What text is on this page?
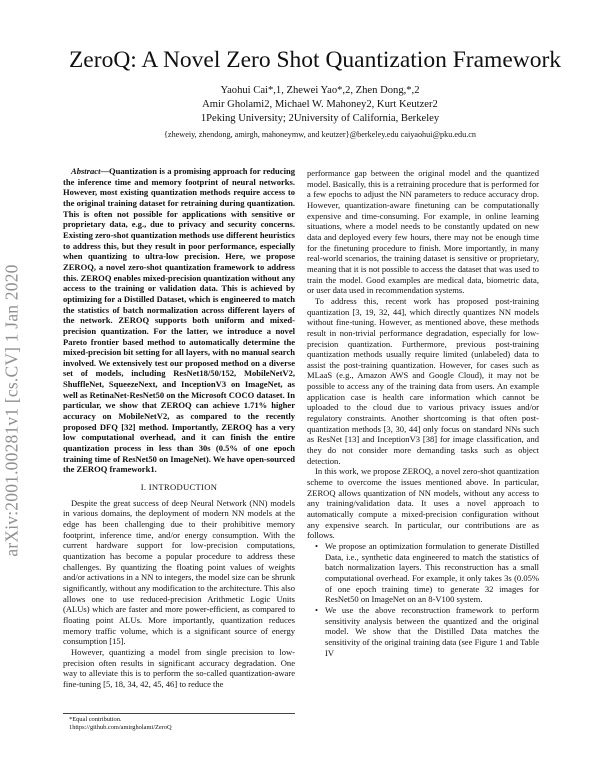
arXiv:2001.00281v1 [cs.CV] 1 Jan 2020
ZeroQ: A Novel Zero Shot Quantization Framework
Yaohui Cai*,1, Zhewei Yao*,2, Zhen Dong,*,2
Amir Gholami2, Michael W. Mahoney2, Kurt Keutzer2
1Peking University; 2University of California, Berkeley
{zheweiy, zhendong, amirgh, mahoneymw, and keutzer}@berkeley.edu caiyaohui@pku.edu.cn

Abstract—Quantization is a promising approach for reducing the inference time and memory footprint of neural networks. However, most existing quantization methods require access to the original training dataset for retraining during quantization. This is often not possible for applications with sensitive or proprietary data, e.g., due to privacy and security concerns. Existing zero-shot quantization methods use different heuristics to address this, but they result in poor performance, especially when quantizing to ultra-low precision. Here, we propose ZEROQ, a novel zero-shot quantization framework to address this. ZEROQ enables mixed-precision quantization without any access to the training or validation data. This is achieved by optimizing for a Distilled Dataset, which is engineered to match the statistics of batch normalization across different layers of the network. ZEROQ supports both uniform and mixed-precision quantization. For the latter, we introduce a novel Pareto frontier based method to automatically determine the mixed-precision bit setting for all layers, with no manual search involved. We extensively test our proposed method on a diverse set of models, including ResNet18/50/152, MobileNetV2, ShuffleNet, SqueezeNext, and InceptionV3 on ImageNet, as well as RetinaNet-ResNet50 on the Microsoft COCO dataset. In particular, we show that ZEROQ can achieve 1.71% higher accuracy on MobileNetV2, as compared to the recently proposed DFQ [32] method. Importantly, ZEROQ has a very low computational overhead, and it can finish the entire quantization process in less than 30s (0.5% of one epoch training time of ResNet50 on ImageNet). We have open-sourced the ZEROQ framework1.

I. INTRODUCTION

Despite the great success of deep Neural Network (NN) models in various domains, the deployment of modern NN models at the edge has been challenging due to their prohibitive memory footprint, inference time, and/or energy consumption. With the current hardware support for low-precision computations, quantization has become a popular procedure to address these challenges. By quantizing the floating point values of weights and/or activations in a NN to integers, the model size can be shrunk significantly, without any modification to the architecture. This also allows one to use reduced-precision Arithmetic Logic Units (ALUs) which are faster and more power-efficient, as compared to floating point ALUs. More importantly, quantization reduces memory traffic volume, which is a significant source of energy consumption [15].

However, quantizing a model from single precision to low-precision often results in significant accuracy degradation. One way to alleviate this is to perform the so-called quantization-aware fine-tuning [5, 18, 34, 42, 45, 46] to reduce the

*Equal contribution.
1https://github.com/amirgholami/ZeroQ

performance gap between the original model and the quantized model. Basically, this is a retraining procedure that is performed for a few epochs to adjust the NN parameters to reduce accuracy drop. However, quantization-aware finetuning can be computationally expensive and time-consuming. For example, in online learning situations, where a model needs to be constantly updated on new data and deployed every few hours, there may not be enough time for the finetuning procedure to finish. More importantly, in many real-world scenarios, the training dataset is sensitive or proprietary, meaning that it is not possible to access the dataset that was used to train the model. Good examples are medical data, biometric data, or user data used in recommendation systems.

To address this, recent work has proposed post-training quantization [3, 19, 32, 44], which directly quantizes NN models without fine-tuning. However, as mentioned above, these methods result in non-trivial performance degradation, especially for low-precision quantization. Furthermore, previous post-training quantization methods usually require limited (unlabeled) data to assist the post-training quantization. However, for cases such as MLaaS (e.g., Amazon AWS and Google Cloud), it may not be possible to access any of the training data from users. An example application case is health care information which cannot be uploaded to the cloud due to various privacy issues and/or regulatory constraints. Another shortcoming is that often post-quantization methods [3, 30, 44] only focus on standard NNs such as ResNet [13] and InceptionV3 [38] for image classification, and they do not consider more demanding tasks such as object detection.

In this work, we propose ZEROQ, a novel zero-shot quantization scheme to overcome the issues mentioned above. In particular, ZEROQ allows quantization of NN models, without any access to any training/validation data. It uses a novel approach to automatically compute a mixed-precision configuration without any expensive search. In particular, our contributions are as follows.

• We propose an optimization formulation to generate Distilled Data, i.e., synthetic data engineered to match the statistics of batch normalization layers. This reconstruction has a small computational overhead. For example, it only takes 3s (0.05% of one epoch training time) to generate 32 images for ResNet50 on ImageNet on an 8-V100 system.
• We use the above reconstruction framework to perform sensitivity analysis between the quantized and the original model. We show that the Distilled Data matches the sensitivity of the original training data (see Figure 1 and Table IV
